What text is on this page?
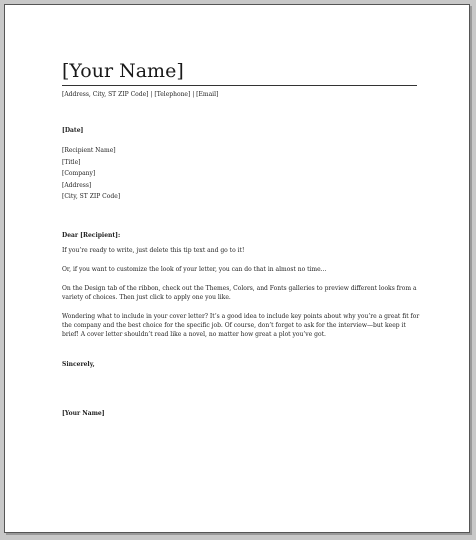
[Your Name]
[Address, City, ST ZIP Code] | [Telephone] | [Email]
[Date]
[Recipient Name]
[Title]
[Company]
[Address]
[City, ST ZIP Code]
Dear [Recipient]:

If you’re ready to write, just delete this tip text and go to it!

Or, if you want to customize the look of your letter, you can do that in almost no time…

On the Design tab of the ribbon, check out the Themes, Colors, and Fonts galleries to preview different looks from a variety of choices. Then just click to apply one you like.

Wondering what to include in your cover letter? It’s a good idea to include key points about why you’re a great fit for the company and the best choice for the specific job. Of course, don’t forget to ask for the interview—but keep it brief! A cover letter shouldn’t read like a novel, no matter how great a plot you’ve got.

Sincerely,
[Your Name]
